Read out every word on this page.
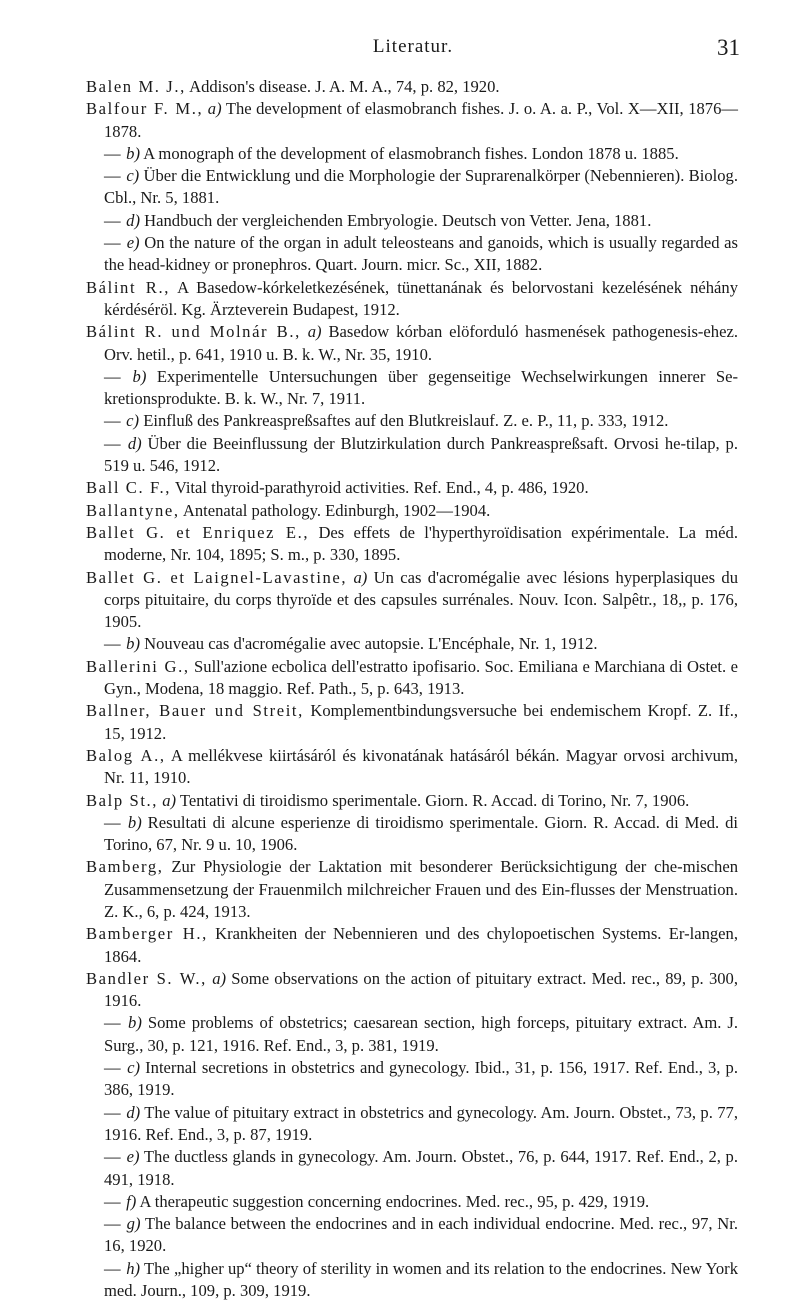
Literatur.	31
Balen M. J., Addison's disease. J. A. M. A., 74, p. 82, 1920.
Balfour F. M., a) The development of elasmobranch fishes. J. o. A. a. P., Vol. X—XII, 1876—1878.
— b) A monograph of the development of elasmobranch fishes. London 1878 u. 1885.
— c) Über die Entwicklung und die Morphologie der Suprarenalkörper (Nebennieren). Biolog. Cbl., Nr. 5, 1881.
— d) Handbuch der vergleichenden Embryologie. Deutsch von Vetter. Jena, 1881.
— e) On the nature of the organ in adult teleosteans and ganoids, which is usually regarded as the head-kidney or pronephros. Quart. Journ. micr. Sc., XII, 1882.
Bálint R., A Basedow-kórkeletkezésének, tünettanának és belorvostani kezelésének néhány kérdéséröl. Kg. Ärzteverein Budapest, 1912.
Bálint R. und Molnár B., a) Basedow kórban elöforduló hasmenések pathogenesis-ehez. Orv. hetil., p. 641, 1910 u. B. k. W., Nr. 35, 1910.
— b) Experimentelle Untersuchungen über gegenseitige Wechselwirkungen innerer Se-kretionsprodukte. B. k. W., Nr. 7, 1911.
— c) Einfluß des Pankreaspreßsaftes auf den Blutkreislauf. Z. e. P., 11, p. 333, 1912.
— d) Über die Beeinflussung der Blutzirkulation durch Pankreaspreßsaft. Orvosi he-tilap, p. 519 u. 546, 1912.
Ball C. F., Vital thyroid-parathyroid activities. Ref. End., 4, p. 486, 1920.
Ballantyne, Antenatal pathology. Edinburgh, 1902—1904.
Ballet G. et Enriquez E., Des effets de l'hyperthyroïdisation expérimentale. La méd. moderne, Nr. 104, 1895; S. m., p. 330, 1895.
Ballet G. et Laignel-Lavastine, a) Un cas d'acromégalie avec lésions hyperplasiques du corps pituitaire, du corps thyroïde et des capsules surrénales. Nouv. Icon. Salpêtr., 18,, p. 176, 1905.
— b) Nouveau cas d'acromégalie avec autopsie. L'Encéphale, Nr. 1, 1912.
Ballerini G., Sull'azione ecbolica dell'estratto ipofisario. Soc. Emiliana e Marchiana di Ostet. e Gyn., Modena, 18 maggio. Ref. Path., 5, p. 643, 1913.
Ballner, Bauer und Streit, Komplementbindungsversuche bei endemischem Kropf. Z. If., 15, 1912.
Balog A., A mellékvese kiirtásáról és kivonatának hatásáról békán. Magyar orvosi archivum, Nr. 11, 1910.
Balp St., a) Tentativi di tiroidismo sperimentale. Giorn. R. Accad. di Torino, Nr. 7, 1906.
— b) Resultati di alcune esperienze di tiroidismo sperimentale. Giorn. R. Accad. di Med. di Torino, 67, Nr. 9 u. 10, 1906.
Bamberg, Zur Physiologie der Laktation mit besonderer Berücksichtigung der che-mischen Zusammensetzung der Frauenmilch milchreicher Frauen und des Ein-flusses der Menstruation. Z. K., 6, p. 424, 1913.
Bamberger H., Krankheiten der Nebennieren und des chylopoetischen Systems. Er-langen, 1864.
Bandler S. W., a) Some observations on the action of pituitary extract. Med. rec., 89, p. 300, 1916.
— b) Some problems of obstetrics; caesarean section, high forceps, pituitary extract. Am. J. Surg., 30, p. 121, 1916. Ref. End., 3, p. 381, 1919.
— c) Internal secretions in obstetrics and gynecology. Ibid., 31, p. 156, 1917. Ref. End., 3, p. 386, 1919.
— d) The value of pituitary extract in obstetrics and gynecology. Am. Journ. Obstet., 73, p. 77, 1916. Ref. End., 3, p. 87, 1919.
— e) The ductless glands in gynecology. Am. Journ. Obstet., 76, p. 644, 1917. Ref. End., 2, p. 491, 1918.
— f) A therapeutic suggestion concerning endocrines. Med. rec., 95, p. 429, 1919.
— g) The balance between the endocrines and in each individual endocrine. Med. rec., 97, Nr. 16, 1920.
— h) The „higher up“ theory of sterility in women and its relation to the endocrines. New York med. Journ., 109, p. 309, 1919.
